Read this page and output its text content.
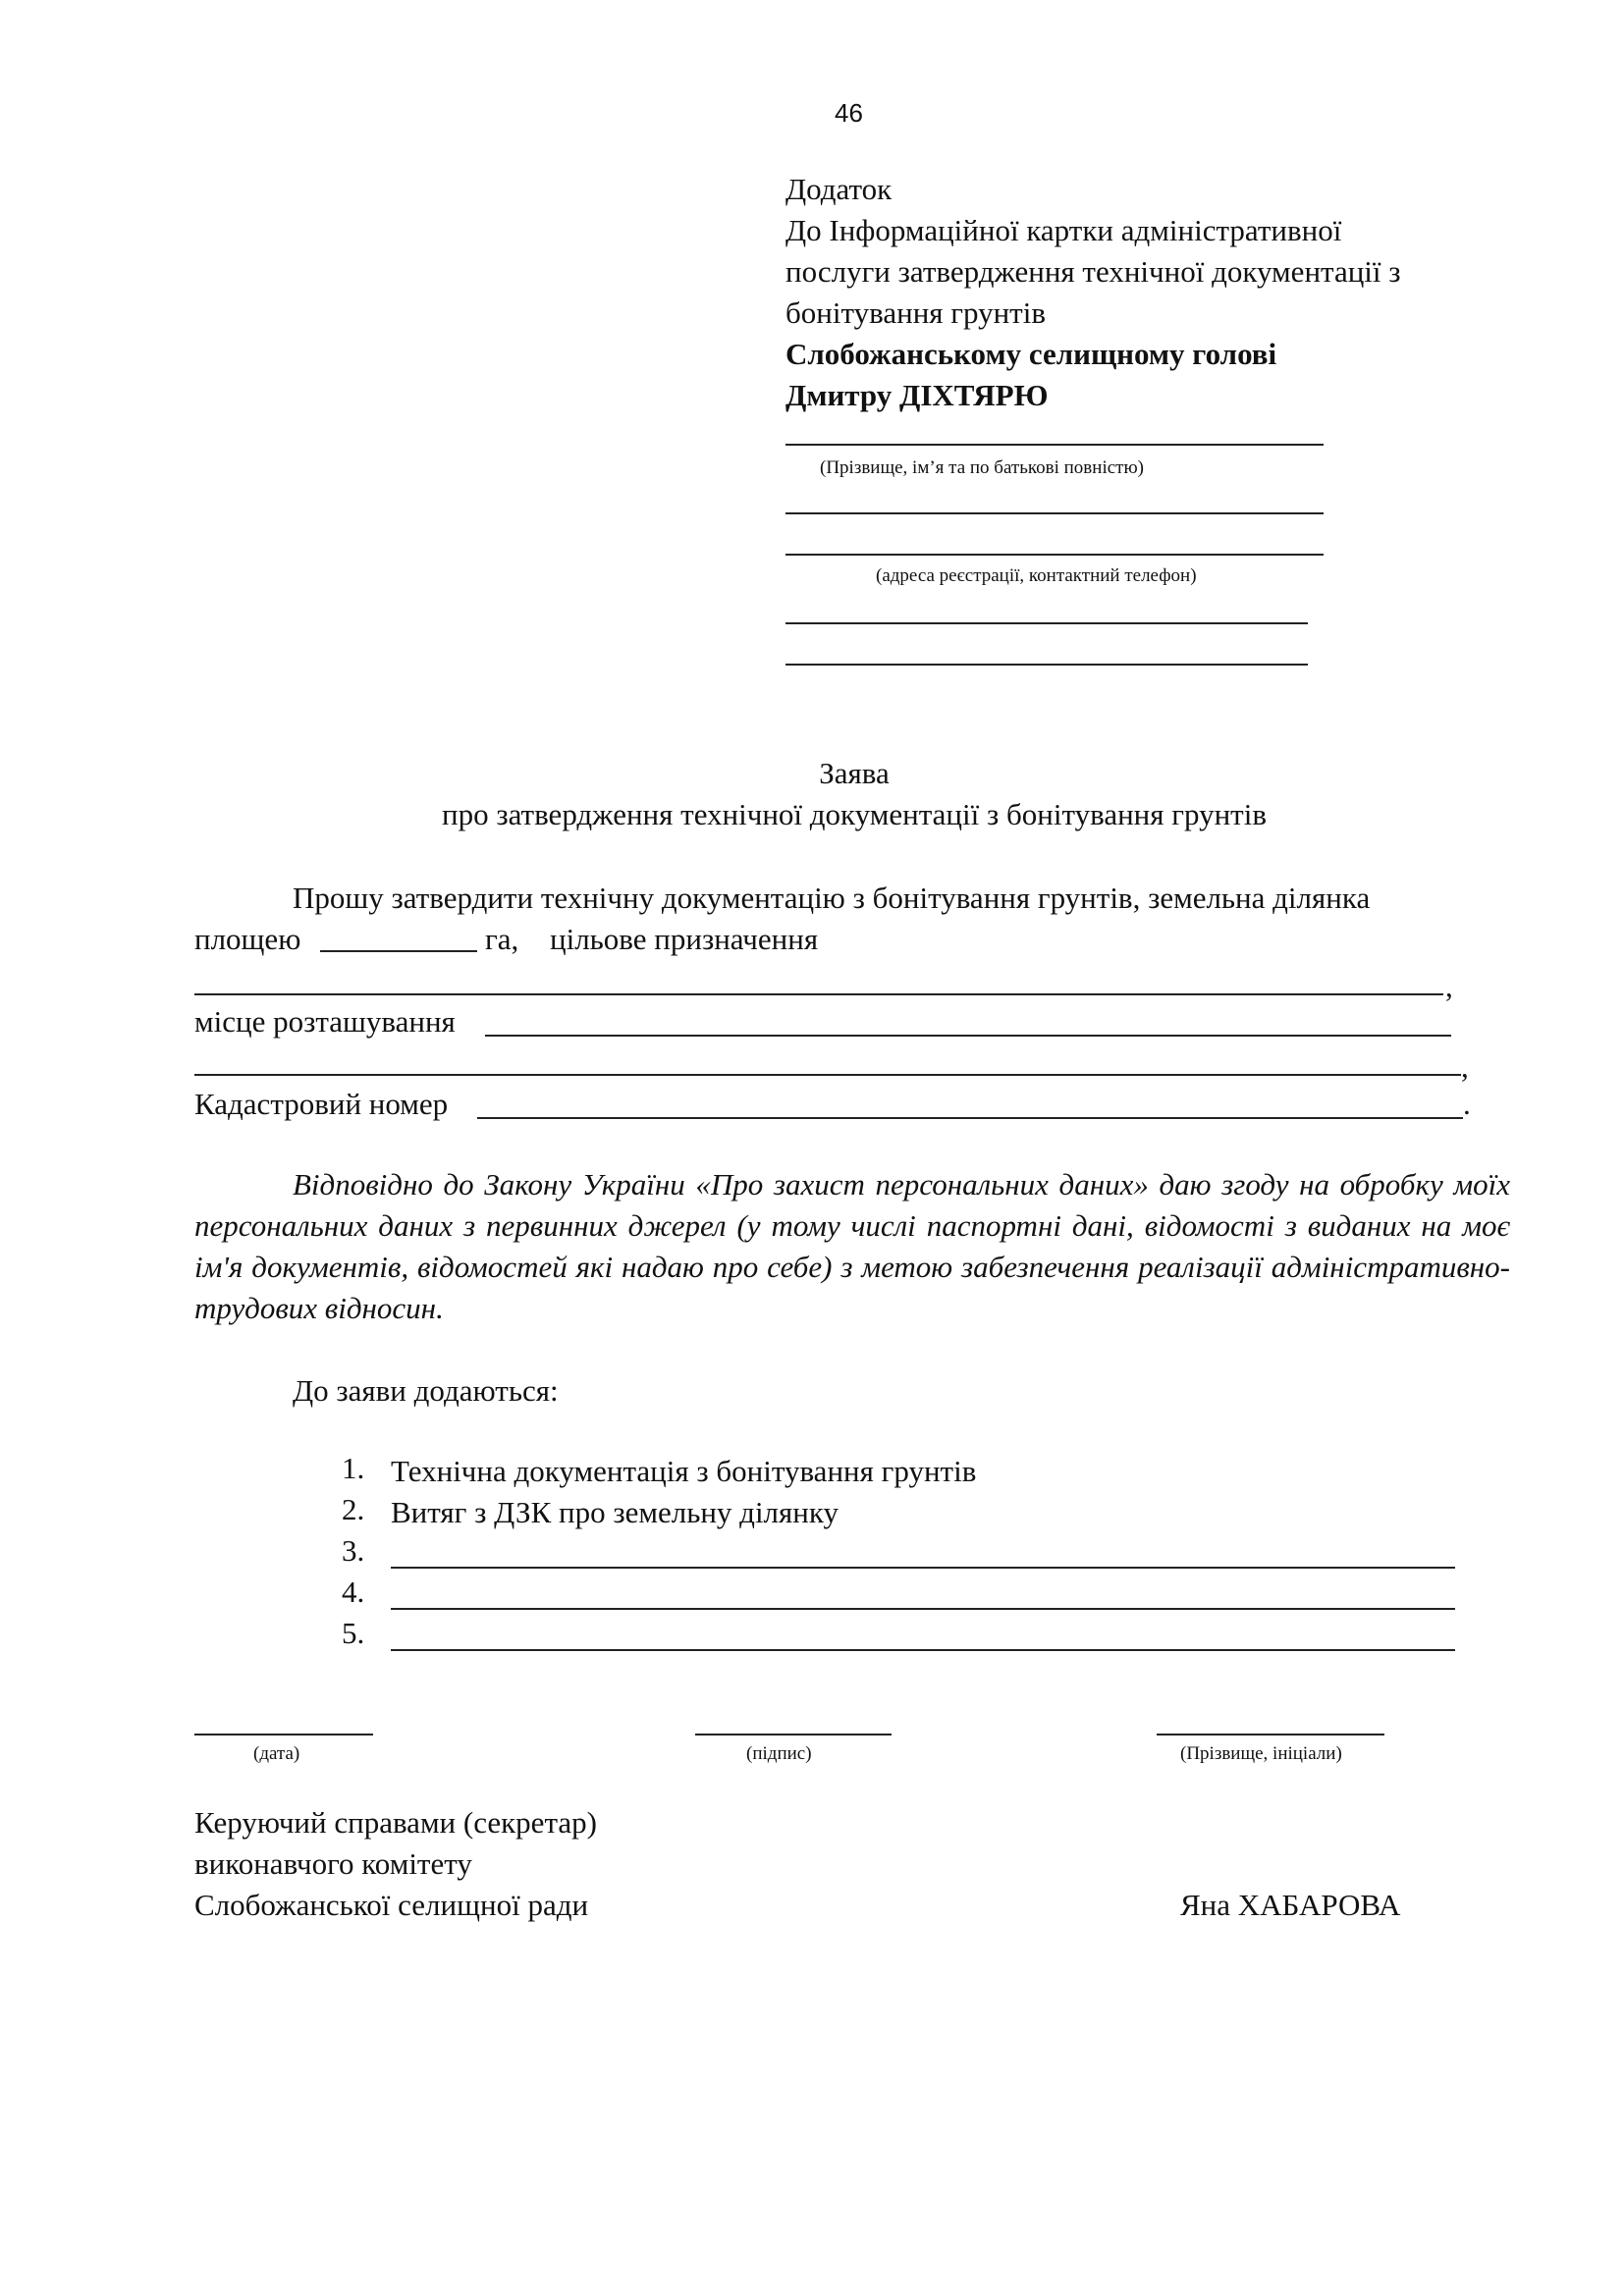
46
Додаток
До Інформаційної картки адміністративної
послуги затвердження технічної документації з
бонітування грунтів
Слобожанському селищному голові
Дмитру ДІХТЯРЮ
(Прізвище, ім’я та по батькові повністю)
(адреса реєстрації, контактний телефон)
Заява
про затвердження технічної документації з бонітування грунтів
Прошу затвердити технічну документацію з бонітування грунтів, земельна ділянка
площею	га, цільове призначення
,
місце розташування
,
Кадастровий номер	.
Відповідно до Закону України «Про захист персональних даних» даю згоду на обробку моїх персональних даних з первинних джерел (у тому числі паспортні дані, відомості з виданих на моє ім'я документів, відомостей які надаю про себе) з метою забезпечення реалізації адміністративно-трудових відносин.
До заяви додаються:
1. Технічна документація з бонітування грунтів
2. Витяг з ДЗК про земельну ділянку
3.
4.
5.
(дата)	(підпис)	(Прізвище, ініціали)
Керуючий справами (секретар)
виконавчого комітету
Слобожанської селищної ради	Яна ХАБАРОВА
